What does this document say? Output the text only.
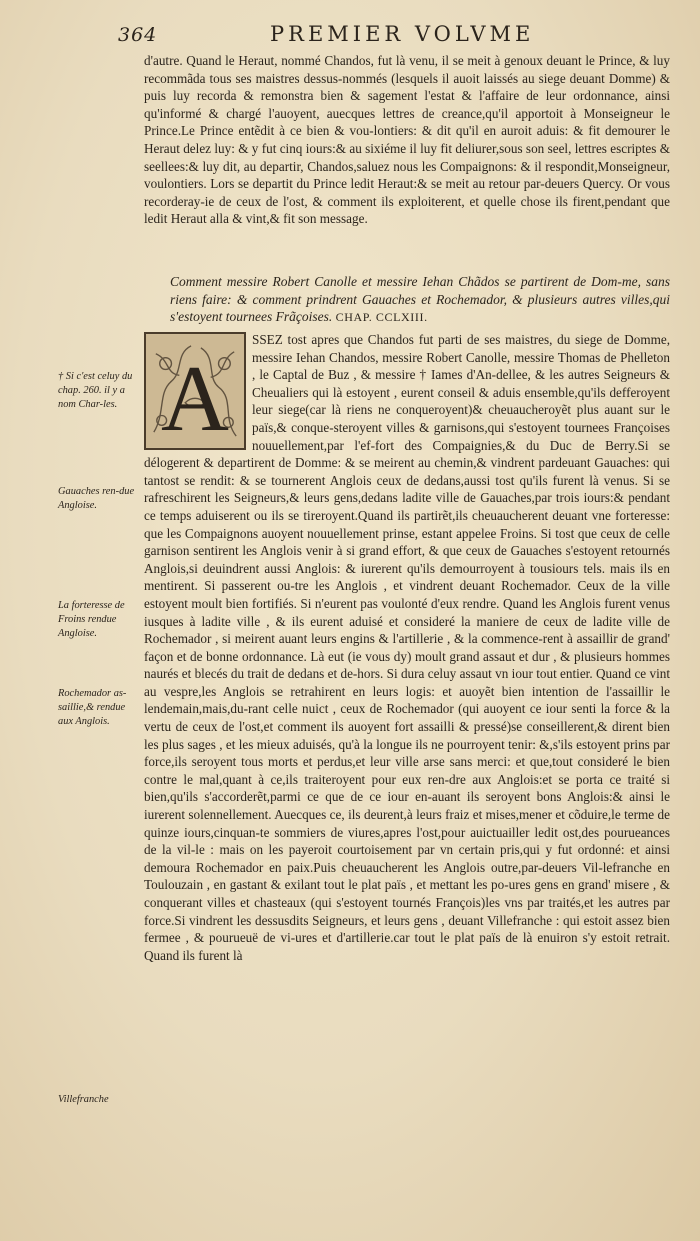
364	PREMIER VOLVME

d'autre. Quand le Heraut, nommé Chandos, fut là venu, il se meit à genoux deuant le Prince, & luy recommãda tous ses maistres dessus-nommés (lesquels il auoit laissés au siege deuant Domme) & puis luy recorda & remonstra bien & sagement l'estat & l'affaire de leur ordonnance, ainsi qu'informé & chargé l'auoyent, auecques lettres de creance,qu'il apportoit à Monseigneur le Prince.Le Prince entẽdit à ce bien & vou-lontiers: & dit qu'il en auroit aduis: & fit demourer le Heraut delez luy: & y fut cinq iours:& au sixiéme il luy fit deliurer,sous son seel, lettres escriptes & seellees:& luy dit, au departir, Chandos,saluez nous les Compaignons: & il respondit,Monseigneur, voulontiers. Lors se departit du Prince ledit Heraut:& se meit au retour par-deuers Quercy. Or vous recorderay-ie de ceux de l'ost, & comment ils exploiterent, et quelle chose ils firent,pendant que ledit Heraut alla & vint,& fit son message.

Comment messire Robert Canolle et messire Iehan Chãdos se partirent de Dom-me, sans riens faire: & comment prindrent Gauaches et Rochemador, & plusieurs autres villes,qui s'estoyent tournees Frãçoises. CHAP. CCLXIII.
A

SSEZ tost apres que Chandos fut parti de ses maistres, du siege de Domme, messire Iehan Chandos, messire Robert Canolle, messire Thomas de Phelleton , le Captal de Buz , & messire † Iames d'An-dellee, & les autres Seigneurs & Cheualiers qui là estoyent , eurent conseil & aduis ensemble,qu'ils defferoyent leur siege(car là riens ne conqueroyent)& cheuaucheroyẽt plus auant sur le païs,& conque-steroyent villes & garnisons,qui s'estoyent tournees Françoises nouuellement,par l'ef-fort des Compaignies,& du Duc de Berry.Si se délogerent & departirent de Domme: & se meirent au chemin,& vindrent pardeuant Gauaches: qui tantost se rendit: & se tournerent Anglois ceux de dedans,aussi tost qu'ils furent là venus. Si se rafreschirent les Seigneurs,& leurs gens,dedans ladite ville de Gauaches,par trois iours:& pendant ce temps aduiserent ou ils se tireroyent.Quand ils partirẽt,ils cheuaucherent deuant vne forteresse: que les Compaignons auoyent nouuellement prinse, estant appelee Froins. Si tost que ceux de celle garnison sentirent les Anglois venir à si grand effort, & que ceux de Gauaches s'estoyent retournés Anglois,si deuindrent aussi Anglois: & iurerent qu'ils demourroyent à tousiours tels. mais ils en mentirent. Si passerent ou-tre les Anglois , et vindrent deuant Rochemador. Ceux de la ville estoyent moult bien fortifiés. Si n'eurent pas voulonté d'eux rendre. Quand les Anglois furent venus iusques à ladite ville , & ils eurent aduisé et consideré la maniere de ceux de ladite ville de Rochemador , si meirent auant leurs engins & l'artillerie , & la commence-rent à assaillir de grand' façon et de bonne ordonnance. Là eut (ie vous dy) moult grand assaut et dur , & plusieurs hommes naurés et blecés du trait de dedans et de-hors. Si dura celuy assaut vn iour tout entier. Quand ce vint au vespre,les Anglois se retrahirent en leurs logis: et auoyẽt bien intention de l'assaillir le lendemain,mais,du-rant celle nuict , ceux de Rochemador (qui auoyent ce iour senti la force & la vertu de ceux de l'ost,et comment ils auoyent fort assailli & pressé)se conseillerent,& dirent bien les plus sages , et les mieux aduisés, qu'à la longue ils ne pourroyent tenir: &,s'ils estoyent prins par force,ils seroyent tous morts et perdus,et leur ville arse sans merci: et que,tout consideré le bien contre le mal,quant à ce,ils traiteroyent pour eux ren-dre aux Anglois:et se porta ce traité si bien,qu'ils s'accorderẽt,parmi ce que de ce iour en-auant ils seroyent bons Anglois:& ainsi le iurerent solennellement. Auecques ce, ils deurent,à leurs fraiz et mises,mener et cõduire,le terme de quinze iours,cinquan-te sommiers de viures,apres l'ost,pour auictuailler ledit ost,des pourueances de la vil-le : mais on les payeroit courtoisement par vn certain pris,qui y fut ordonné: et ainsi demoura Rochemador en paix.Puis cheuaucherent les Anglois outre,par-deuers Vil-lefranche en Toulouzain , en gastant & exilant tout le plat païs , et mettant les po-ures gens en grand' misere , & conquerant villes et chasteaux (qui s'estoyent tournés François)les vns par traités,et les autres par force.Si vindrent les dessusdits Seigneurs, et leurs gens , deuant Villefranche : qui estoit assez bien fermee , & pourueuë de vi-ures et d'artillerie.car tout le plat païs de là enuiron s'y estoit retrait. Quand ils furent là

† Si c'est celuy du chap. 260. il y a nom Char-les.
Gauaches ren-due Angloise.
La forteresse de Froins rendue Angloise.
Rochemador as-saillie,& rendue aux Anglois.
Villefranche
